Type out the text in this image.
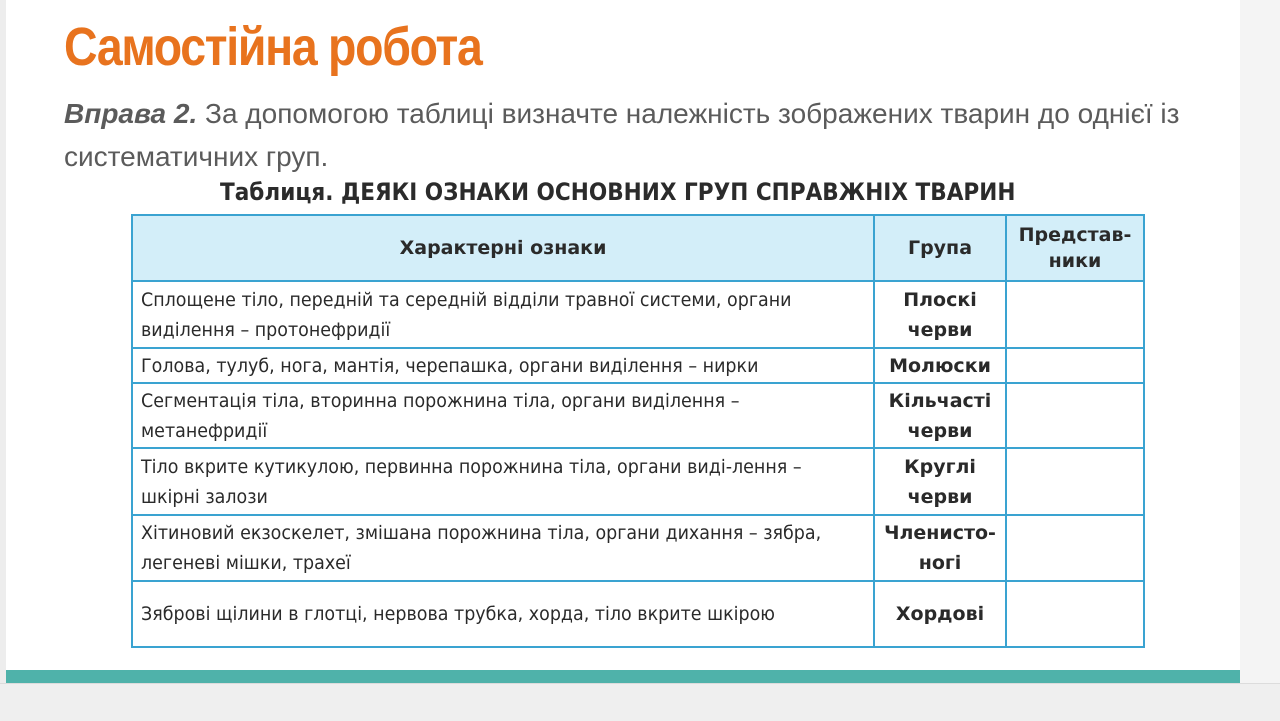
Самостійна робота

Вправа 2. За допомогою таблиці визначте належність зображених тварин до однієї із систематичних груп.

Таблиця. ДЕЯКІ ОЗНАКИ ОСНОВНИХ ГРУП СПРАВЖНІХ ТВАРИН
Характерні ознаки	Група	Представ-ники
Сплощене тіло, передній та середній відділи травної системи, органи виділення – протонефридії	Плоскі черви	
Голова, тулуб, нога, мантія, черепашка, органи виділення – нирки	Молюски	
Сегментація тіла, вторинна порожнина тіла, органи виділення – метанефридії	Кільчасті черви	
Тіло вкрите кутикулою, первинна порожнина тіла, органи виді-лення – шкірні залози	Круглі черви	
Хітиновий екзоскелет, змішана порожнина тіла, органи дихання – зябра, легеневі мішки, трахеї	Членисто-ногі	
Зяброві щілини в глотці, нервова трубка, хорда, тіло вкрите шкірою	Хордові	
